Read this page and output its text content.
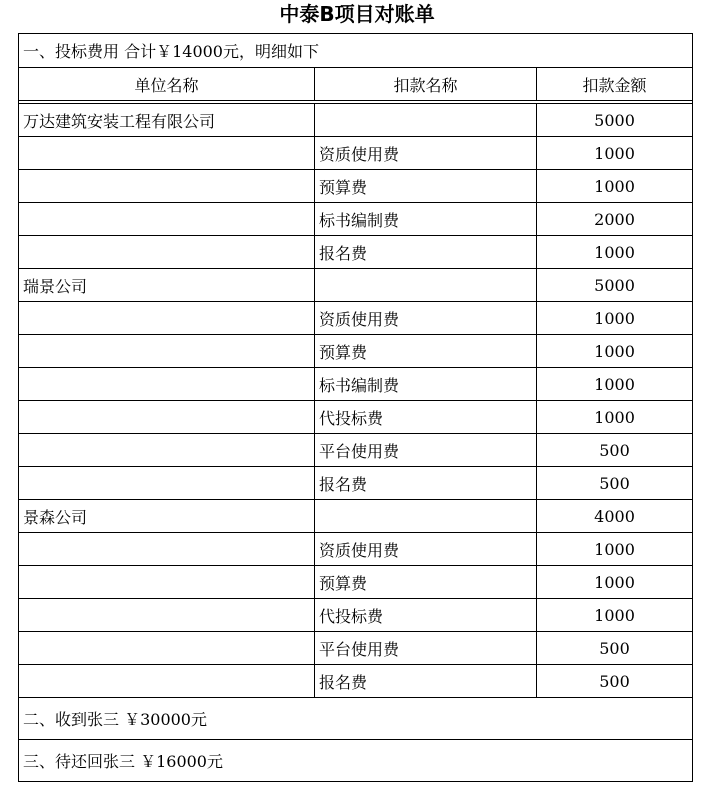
中泰B项目对账单
一、投标费用 合计￥14000元，明细如下		
单位名称	扣款名称	扣款金额

万达建筑安装工程有限公司		5000
	资质使用费	1000
	预算费	1000
	标书编制费	2000
	报名费	1000
瑞景公司		5000
	资质使用费	1000
	预算费	1000
	标书编制费	1000
	代投标费	1000
	平台使用费	500
	报名费	500
景森公司		4000
	资质使用费	1000
	预算费	1000
	代投标费	1000
	平台使用费	500
	报名费	500
二、收到张三 ￥30000元		
三、待还回张三 ￥16000元		
